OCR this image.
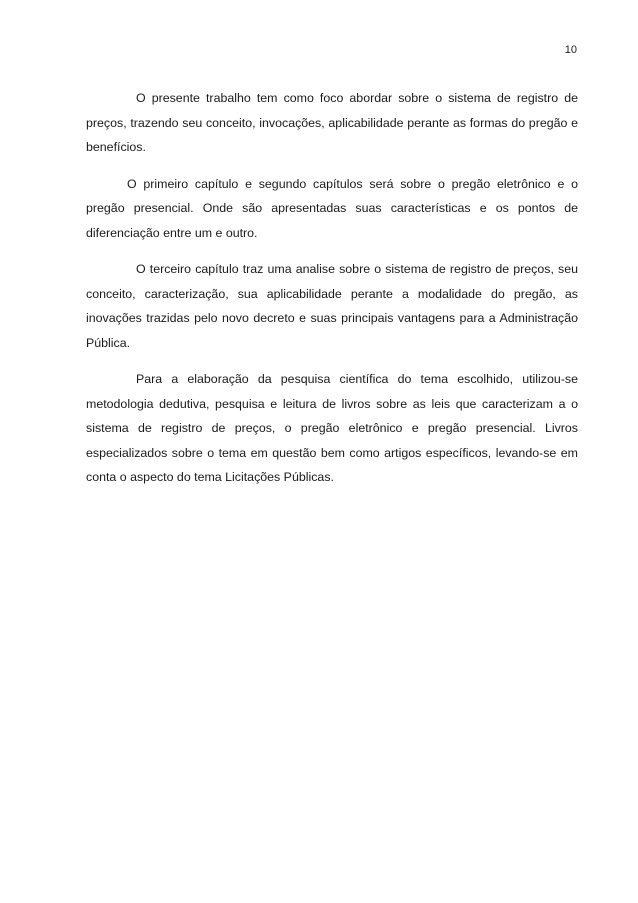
10

O presente trabalho tem como foco abordar sobre o sistema de registro de preços, trazendo seu conceito, invocações, aplicabilidade perante as formas do pregão e benefícios.

O primeiro capítulo e segundo capítulos será sobre o pregão eletrônico e o pregão presencial. Onde são apresentadas suas características e os pontos de diferenciação entre um e outro.

O terceiro capítulo traz uma analise sobre o sistema de registro de preços, seu conceito, caracterização, sua aplicabilidade perante a modalidade do pregão, as inovações trazidas pelo novo decreto e suas principais vantagens para a Administração Pública.

Para a elaboração da pesquisa científica do tema escolhido, utilizou-se metodologia dedutiva, pesquisa e leitura de livros sobre as leis que caracterizam a o sistema de registro de preços, o pregão eletrônico e pregão presencial. Livros especializados sobre o tema em questão bem como artigos específicos, levando-se em conta o aspecto do tema Licitações Públicas.
